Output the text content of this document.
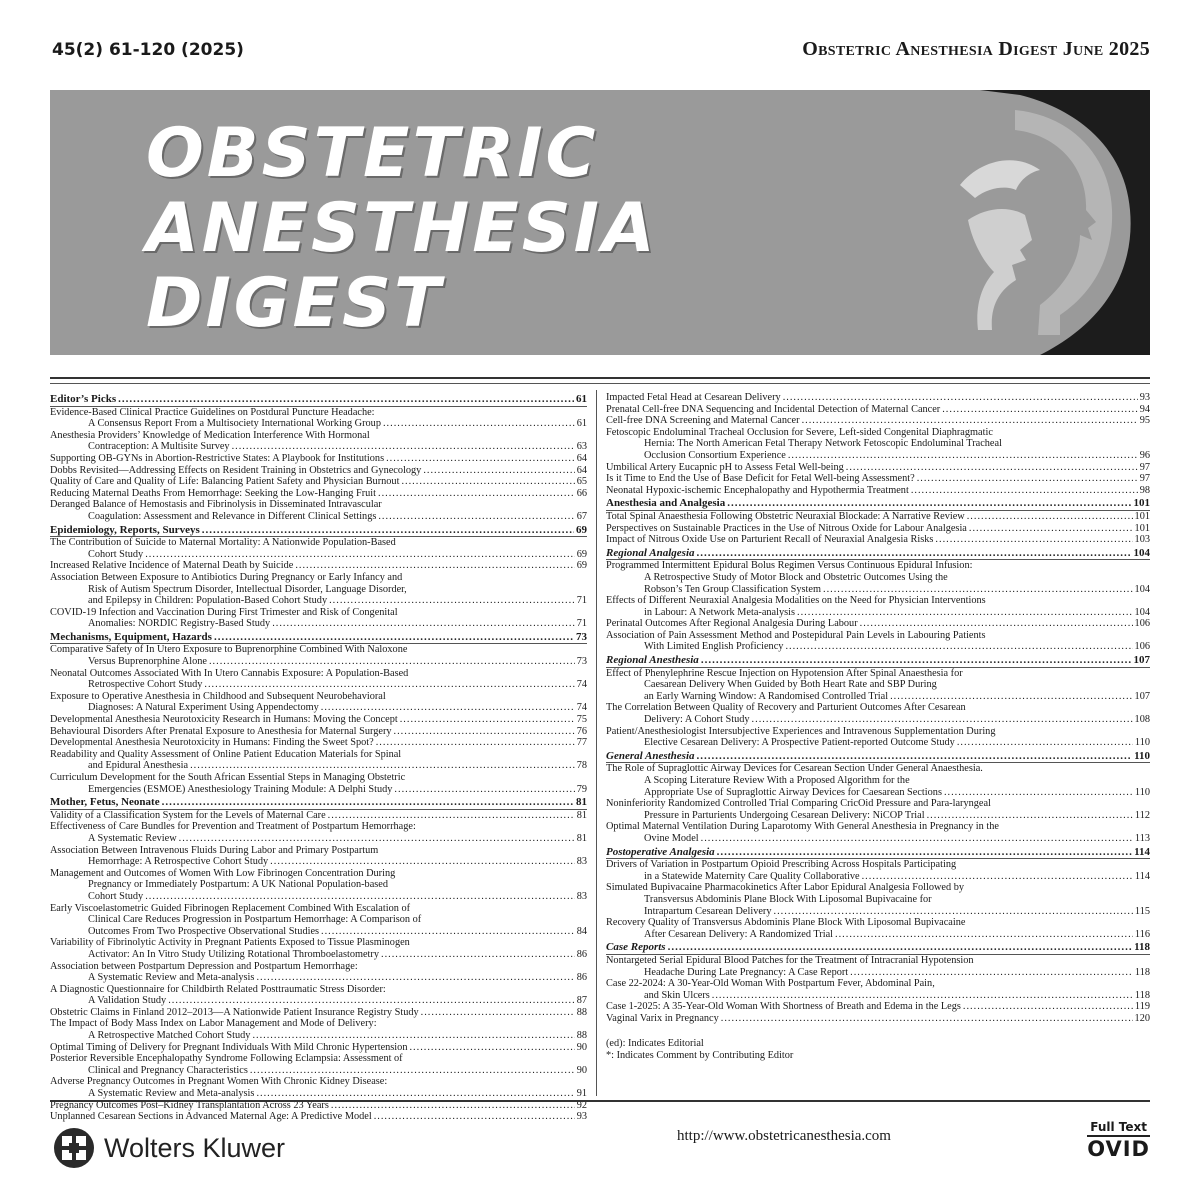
45(2) 61-120 (2025)	Obstetric Anesthesia Digest June 2025
OBSTETRIC
ANESTHESIA
DIGEST
Editor’s Picks .....	61
Evidence-Based Clinical Practice Guidelines on Postdural Puncture Headache:
A Consensus Report From a Multisociety International Working Group .....	61
Anesthesia Providers’ Knowledge of Medication Interference With Hormonal
Contraception: A Multisite Survey .....	63
Supporting OB-GYNs in Abortion-Restrictive States: A Playbook for Institutions .....	64
Dobbs Revisited—Addressing Effects on Resident Training in Obstetrics and Gynecology .....	64
Quality of Care and Quality of Life: Balancing Patient Safety and Physician Burnout .....	65
Reducing Maternal Deaths From Hemorrhage: Seeking the Low-Hanging Fruit .....	66
Deranged Balance of Hemostasis and Fibrinolysis in Disseminated Intravascular
Coagulation: Assessment and Relevance in Different Clinical Settings .....	67
Epidemiology, Reports, Surveys .....	69
The Contribution of Suicide to Maternal Mortality: A Nationwide Population-Based
Cohort Study .....	69
Increased Relative Incidence of Maternal Death by Suicide .....	69
Association Between Exposure to Antibiotics During Pregnancy or Early Infancy and
Risk of Autism Spectrum Disorder, Intellectual Disorder, Language Disorder,
and Epilepsy in Children: Population-Based Cohort Study .....	71
COVID-19 Infection and Vaccination During First Trimester and Risk of Congenital
Anomalies: NORDIC Registry-Based Study .....	71
Mechanisms, Equipment, Hazards .....	73
Comparative Safety of In Utero Exposure to Buprenorphine Combined With Naloxone
Versus Buprenorphine Alone .....	73
Neonatal Outcomes Associated With In Utero Cannabis Exposure: A Population-Based
Retrospective Cohort Study .....	74
Exposure to Operative Anesthesia in Childhood and Subsequent Neurobehavioral
Diagnoses: A Natural Experiment Using Appendectomy .....	74
Developmental Anesthesia Neurotoxicity Research in Humans: Moving the Concept .....	75
Behavioural Disorders After Prenatal Exposure to Anesthesia for Maternal Surgery .....	76
Developmental Anesthesia Neurotoxicity in Humans: Finding the Sweet Spot? .....	77
Readability and Quality Assessment of Online Patient Education Materials for Spinal
and Epidural Anesthesia .....	78
Curriculum Development for the South African Essential Steps in Managing Obstetric
Emergencies (ESMOE) Anesthesiology Training Module: A Delphi Study .....	79
Mother, Fetus, Neonate .....	81
Validity of a Classification System for the Levels of Maternal Care .....	81
Effectiveness of Care Bundles for Prevention and Treatment of Postpartum Hemorrhage:
A Systematic Review .....	81
Association Between Intravenous Fluids During Labor and Primary Postpartum
Hemorrhage: A Retrospective Cohort Study .....	83
Management and Outcomes of Women With Low Fibrinogen Concentration During
Pregnancy or Immediately Postpartum: A UK National Population-based
Cohort Study .....	83
Early Viscoelastometric Guided Fibrinogen Replacement Combined With Escalation of
Clinical Care Reduces Progression in Postpartum Hemorrhage: A Comparison of
Outcomes From Two Prospective Observational Studies .....	84
Variability of Fibrinolytic Activity in Pregnant Patients Exposed to Tissue Plasminogen
Activator: An In Vitro Study Utilizing Rotational Thromboelastometry .....	86
Association between Postpartum Depression and Postpartum Hemorrhage:
A Systematic Review and Meta-analysis .....	86
A Diagnostic Questionnaire for Childbirth Related Posttraumatic Stress Disorder:
A Validation Study .....	87
Obstetric Claims in Finland 2012–2013—A Nationwide Patient Insurance Registry Study .....	88
The Impact of Body Mass Index on Labor Management and Mode of Delivery:
A Retrospective Matched Cohort Study .....	88
Optimal Timing of Delivery for Pregnant Individuals With Mild Chronic Hypertension .....	90
Posterior Reversible Encephalopathy Syndrome Following Eclampsia: Assessment of
Clinical and Pregnancy Characteristics .....	90
Adverse Pregnancy Outcomes in Pregnant Women With Chronic Kidney Disease:
A Systematic Review and Meta-analysis .....	91
Pregnancy Outcomes Post–Kidney Transplantation Across 23 Years .....	92
Unplanned Cesarean Sections in Advanced Maternal Age: A Predictive Model .....	93
Impacted Fetal Head at Cesarean Delivery .....	93
Prenatal Cell-free DNA Sequencing and Incidental Detection of Maternal Cancer .....	94
Cell-free DNA Screening and Maternal Cancer .....	95
Fetoscopic Endoluminal Tracheal Occlusion for Severe, Left-sided Congenital Diaphragmatic
Hernia: The North American Fetal Therapy Network Fetoscopic Endoluminal Tracheal
Occlusion Consortium Experience .....	96
Umbilical Artery Eucapnic pH to Assess Fetal Well-being .....	97
Is it Time to End the Use of Base Deficit for Fetal Well-being Assessment? .....	97
Neonatal Hypoxic-ischemic Encephalopathy and Hypothermia Treatment .....	98
Anesthesia and Analgesia .....	101
Total Spinal Anaesthesia Following Obstetric Neuraxial Blockade: A Narrative Review .....	101
Perspectives on Sustainable Practices in the Use of Nitrous Oxide for Labour Analgesia .....	101
Impact of Nitrous Oxide Use on Parturient Recall of Neuraxial Analgesia Risks .....	103
Regional Analgesia .....	104
Programmed Intermittent Epidural Bolus Regimen Versus Continuous Epidural Infusion:
A Retrospective Study of Motor Block and Obstetric Outcomes Using the
Robson’s Ten Group Classification System .....	104
Effects of Different Neuraxial Analgesia Modalities on the Need for Physician Interventions
in Labour: A Network Meta-analysis .....	104
Perinatal Outcomes After Regional Analgesia During Labour .....	106
Association of Pain Assessment Method and Postepidural Pain Levels in Labouring Patients
With Limited English Proficiency .....	106
Regional Anesthesia .....	107
Effect of Phenylephrine Rescue Injection on Hypotension After Spinal Anaesthesia for
Caesarean Delivery When Guided by Both Heart Rate and SBP During
an Early Warning Window: A Randomised Controlled Trial .....	107
The Correlation Between Quality of Recovery and Parturient Outcomes After Cesarean
Delivery: A Cohort Study .....	108
Patient/Anesthesiologist Intersubjective Experiences and Intravenous Supplementation During
Elective Cesarean Delivery: A Prospective Patient-reported Outcome Study .....	110
General Anesthesia .....	110
The Role of Supraglottic Airway Devices for Cesarean Section Under General Anaesthesia.
A Scoping Literature Review With a Proposed Algorithm for the
Appropriate Use of Supraglottic Airway Devices for Caesarean Sections .....	110
Noninferiority Randomized Controlled Trial Comparing CricOid Pressure and Para-laryngeal
Pressure in Parturients Undergoing Cesarean Delivery: NiCOP Trial .....	112
Optimal Maternal Ventilation During Laparotomy With General Anesthesia in Pregnancy in the
Ovine Model .....	113
Postoperative Analgesia .....	114
Drivers of Variation in Postpartum Opioid Prescribing Across Hospitals Participating
in a Statewide Maternity Care Quality Collaborative .....	114
Simulated Bupivacaine Pharmacokinetics After Labor Epidural Analgesia Followed by
Transversus Abdominis Plane Block With Liposomal Bupivacaine for
Intrapartum Cesarean Delivery .....	115
Recovery Quality of Transversus Abdominis Plane Block With Liposomal Bupivacaine
After Cesarean Delivery: A Randomized Trial .....	116
Case Reports .....	118
Nontargeted Serial Epidural Blood Patches for the Treatment of Intracranial Hypotension
Headache During Late Pregnancy: A Case Report .....	118
Case 22-2024: A 30-Year-Old Woman With Postpartum Fever, Abdominal Pain,
and Skin Ulcers .....	118
Case 1-2025: A 35-Year-Old Woman With Shortness of Breath and Edema in the Legs .....	119
Vaginal Varix in Pregnancy .....	120
(ed): Indicates Editorial
*: Indicates Comment by Contributing Editor
Wolters Kluwer	http://www.obstetricanesthesia.com
Full Text
OVID
